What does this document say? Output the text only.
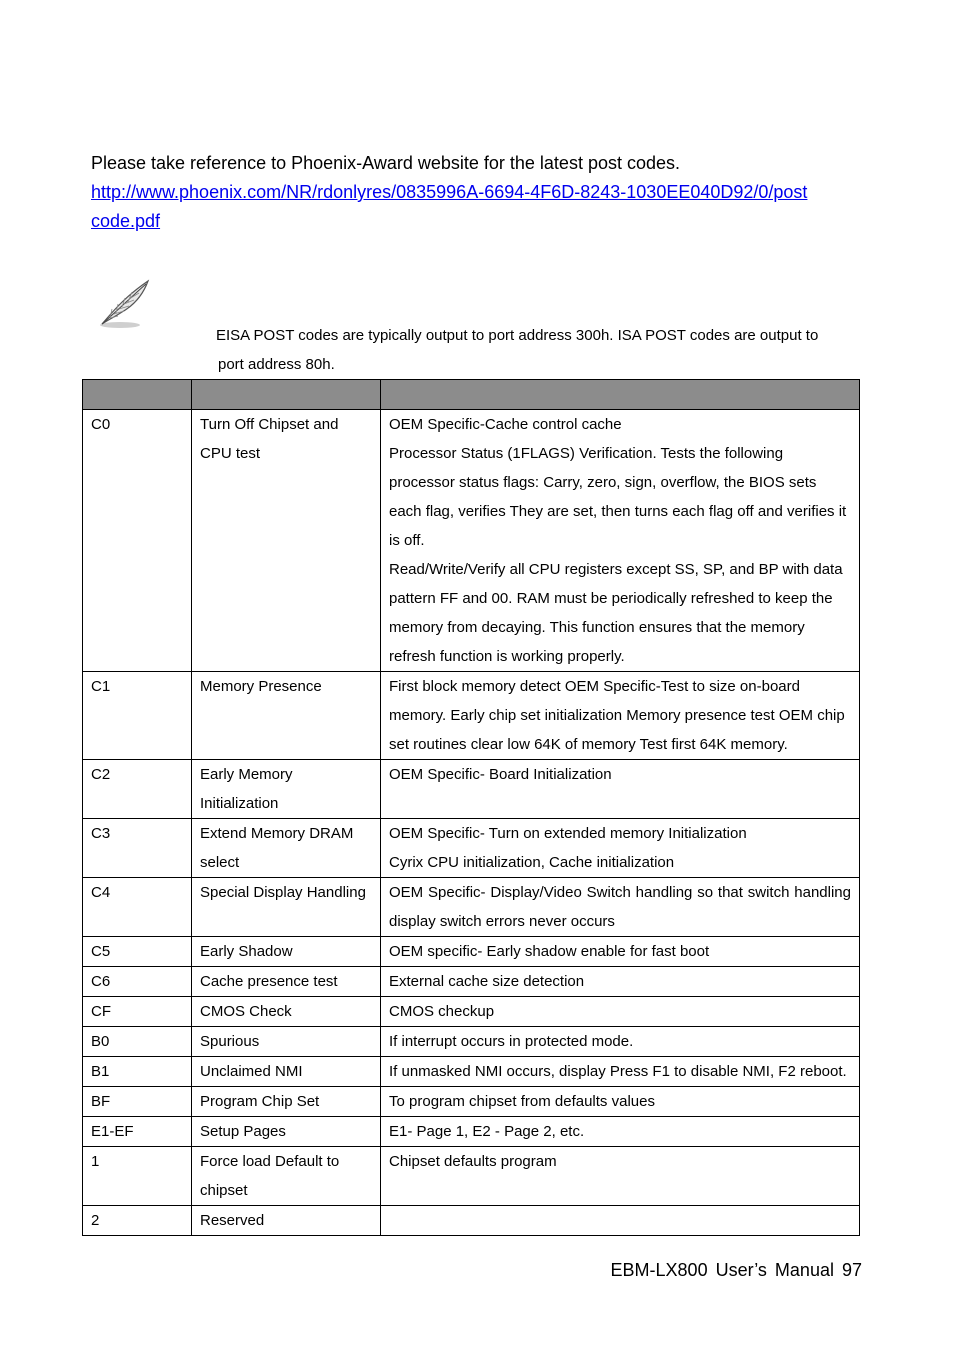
Please take reference to Phoenix-Award website for the latest post codes.
http://www.phoenix.com/NR/rdonlyres/0835996A-6694-4F6D-8243-1030EE040D92/0/post
code.pdf
EISA POST codes are typically output to port address 300h. ISA POST codes are output to
port address 80h.

C0	Turn Off Chipset and CPU test	OEM Specific-Cache control cache
Processor Status (1FLAGS) Verification. Tests the following processor status flags: Carry, zero, sign, overflow, the BIOS sets each flag, verifies They are set, then turns each flag off and verifies it is off.
Read/Write/Verify all CPU registers except SS, SP, and BP with data pattern FF and 00. RAM must be periodically refreshed to keep the memory from decaying. This function ensures that the memory refresh function is working properly.

C1	Memory Presence	First block memory detect OEM Specific-Test to size on-board memory. Early chip set initialization Memory presence test OEM chip set routines clear low 64K of memory Test first 64K memory.

C2	Early Memory Initialization	OEM Specific- Board Initialization

C3	Extend Memory DRAM select	OEM Specific- Turn on extended memory Initialization
Cyrix CPU initialization, Cache initialization

C4	Special Display Handling	OEM Specific- Display/Video Switch handling so that switch handling display switch errors never occurs

C5	Early Shadow	OEM specific- Early shadow enable for fast boot

C6	Cache presence test	External cache size detection

CF	CMOS Check	CMOS checkup

B0	Spurious	If interrupt occurs in protected mode.

B1	Unclaimed NMI	If unmasked NMI occurs, display Press F1 to disable NMI, F2 reboot.

BF	Program Chip Set	To program chipset from defaults values

E1-EF	Setup Pages	E1- Page 1, E2 - Page 2, etc.

1	Force load Default to chipset	Chipset defaults program

2	Reserved	

EBM-LX800 User’s Manual 97
